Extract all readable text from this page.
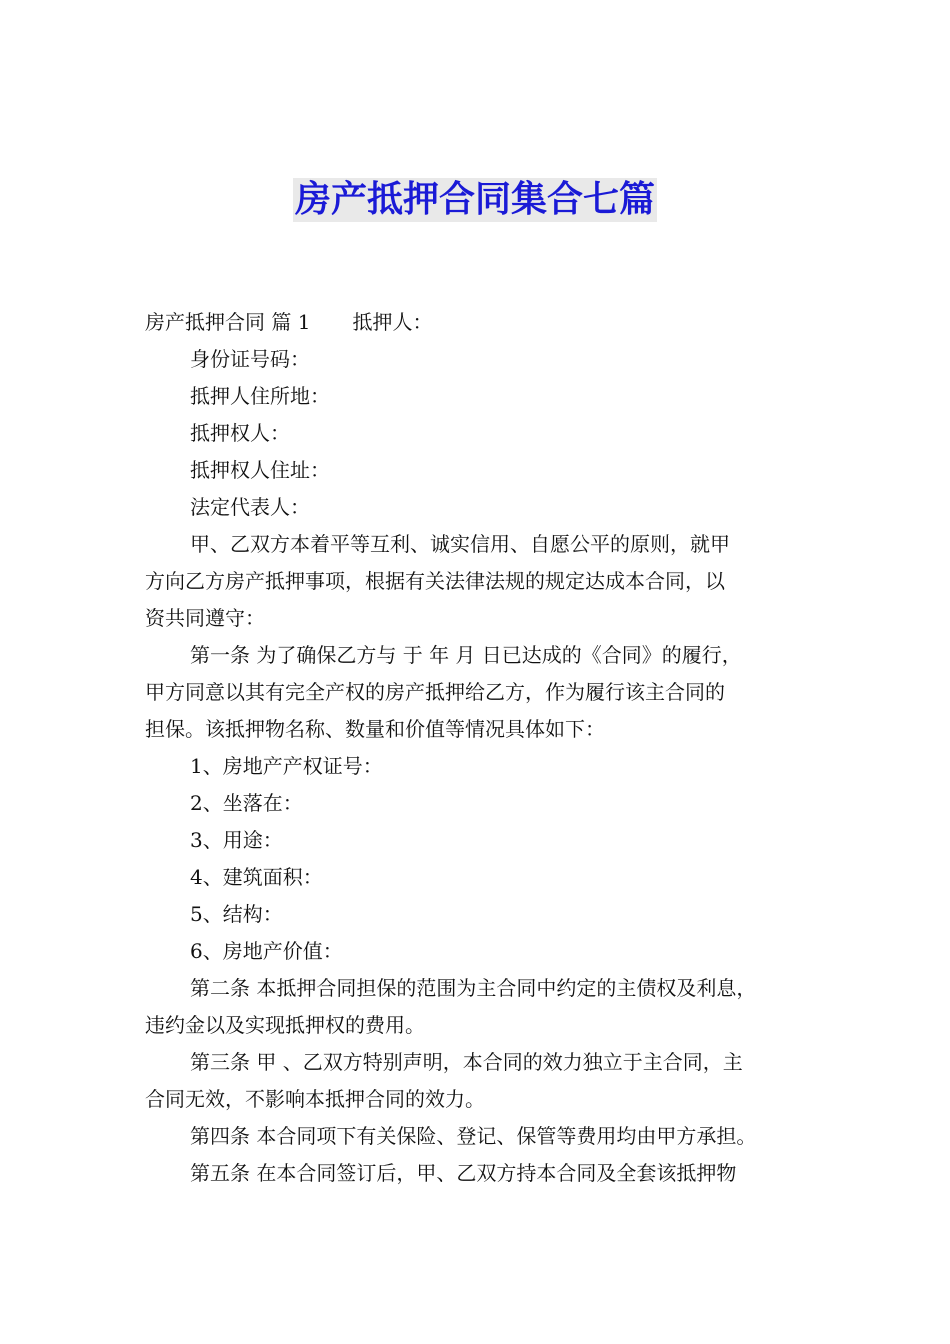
房产抵押合同集合七篇
房产抵押合同 篇 1 抵押人：
身份证号码：
抵押人住所地：
抵押权人：
抵押权人住址：
法定代表人：
甲、乙双方本着平等互利、诚实信用、自愿公平的原则，就甲
方向乙方房产抵押事项，根据有关法律法规的规定达成本合同，以
资共同遵守：
第一条 为了确保乙方与 于 年 月 日已达成的《合同》的履行，
甲方同意以其有完全产权的房产抵押给乙方，作为履行该主合同的
担保。该抵押物名称、数量和价值等情况具体如下：
1、房地产产权证号：
2、坐落在：
3、用途：
4、建筑面积：
5、结构：
6、房地产价值：
第二条 本抵押合同担保的范围为主合同中约定的主债权及利息，
违约金以及实现抵押权的费用。
第三条 甲 、乙双方特别声明，本合同的效力独立于主合同，主
合同无效，不影响本抵押合同的效力。
第四条 本合同项下有关保险、登记、保管等费用均由甲方承担。
第五条 在本合同签订后，甲、乙双方持本合同及全套该抵押物
